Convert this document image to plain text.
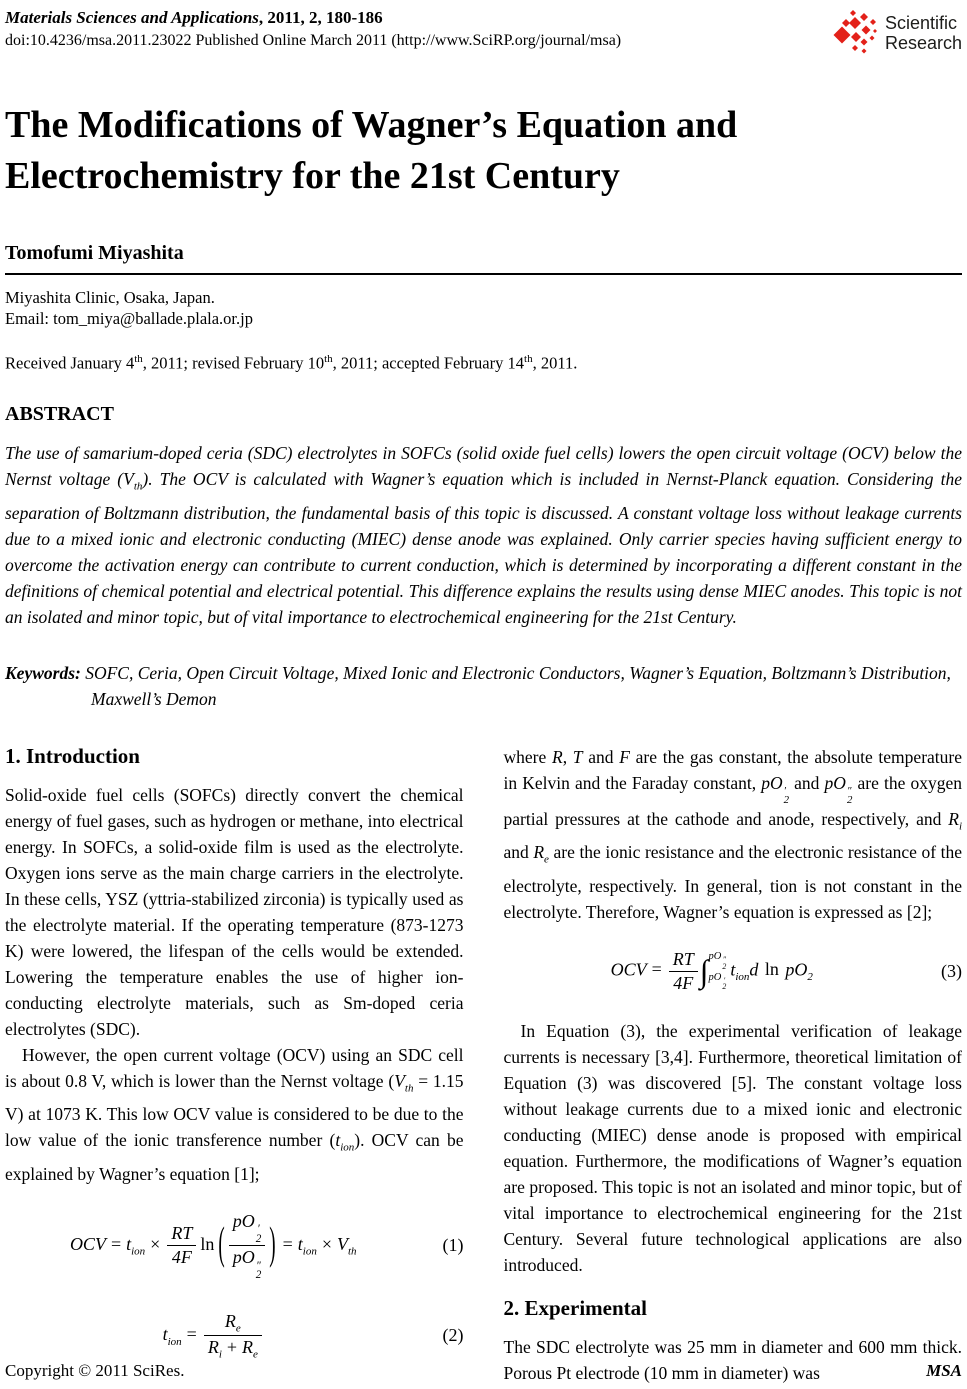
Materials Sciences and Applications, 2011, 2, 180-186
doi:10.4236/msa.2011.23022 Published Online March 2011 (http://www.SciRP.org/journal/msa)
Scientific
Research
The Modifications of Wagner’s Equation and Electrochemistry for the 21st Century
Tomofumi Miyashita
Miyashita Clinic, Osaka, Japan.
Email: tom_miya@ballade.plala.or.jp
Received January 4th, 2011; revised February 10th, 2011; accepted February 14th, 2011.
ABSTRACT

The use of samarium-doped ceria (SDC) electrolytes in SOFCs (solid oxide fuel cells) lowers the open circuit voltage (OCV) below the Nernst voltage $(V_{th})$. The OCV is calculated with Wagner’s equation which is included in Nernst-Planck equation. Considering the separation of Boltzmann distribution, the fundamental basis of this topic is discussed. A constant voltage loss without leakage currents due to a mixed ionic and electronic conducting (MIEC) dense anode was explained. Only carrier species having sufficient energy to overcome the activation energy can contribute to current conduction, which is determined by incorporating a different constant in the definitions of chemical potential and electrical potential. This difference explains the results using dense MIEC anodes. This topic is not an isolated and minor topic, but of vital importance to electrochemical engineering for the 21st Century.

Keywords: SOFC, Ceria, Open Circuit Voltage, Mixed Ionic and Electronic Conductors, Wagner’s Equation, Boltzmann’s Distribution, Maxwell’s Demon

1. Introduction

Solid-oxide fuel cells (SOFCs) directly convert the chemical energy of fuel gases, such as hydrogen or methane, into electrical energy. In SOFCs, a solid-oxide film is used as the electrolyte. Oxygen ions serve as the main charge carriers in the electrolyte. In these cells, YSZ (yttria-stabilized zirconia) is typically used as the electrolyte material. If the operating temperature (873-1273 K) were lowered, the lifespan of the cells would be extended. Lowering the temperature enables the use of higher ion-conducting electrolyte materials, such as Sm-doped ceria electrolytes (SDC).

However, the open current voltage (OCV) using an SDC cell is about 0.8 V, which is lower than the Nernst voltage ($V_{th} = 1.15$ V) at 1073 K. This low OCV value is considered to be due to the low value of the ionic transference number $(t_{ion})$. OCV can be explained by Wagner’s equation [1];

OCV = $t_{ion} \times \frac{RT}{4F}$ ln ( pO ′
2
pO ″
2 ) = $t_{ion} \times V_{th}$	(1)
$t_{ion} = \frac{R_e}{R_i + R_e}$	(2)

where R, T and F are the gas constant, the absolute temperature in Kelvin and the Faraday constant, pO ′
2
and pO ″
2
are the oxygen partial pressures at the cathode and anode, respectively, and $R_i$ and $R_e$ are the ionic resistance and the electronic resistance of the electrolyte, respectively. In general, tion is not constant in the electrolyte. Therefore, Wagner’s equation is expressed as [2];

OCV = $\frac{RT}{4F}$ ∫ pO ″
2
pO ′
2
$t_{ion}d$ $\ln pO_2$	(3)

In Equation (3), the experimental verification of leakage currents is necessary [3,4]. Furthermore, theoretical limitation of Equation (3) was discovered [5]. The constant voltage loss without leakage currents due to a mixed ionic and electronic conducting (MIEC) dense anode is proposed with empirical equation. Furthermore, the modifications of Wagner’s equation are proposed. This topic is not an isolated and minor topic, but of vital importance to electrochemical engineering for the 21st Century. Several future technological applications are also introduced.

2. Experimental

The SDC electrolyte was 25 mm in diameter and 600 mm thick. Porous Pt electrode (10 mm in diameter) was

Copyright © 2011 SciRes.	MSA
